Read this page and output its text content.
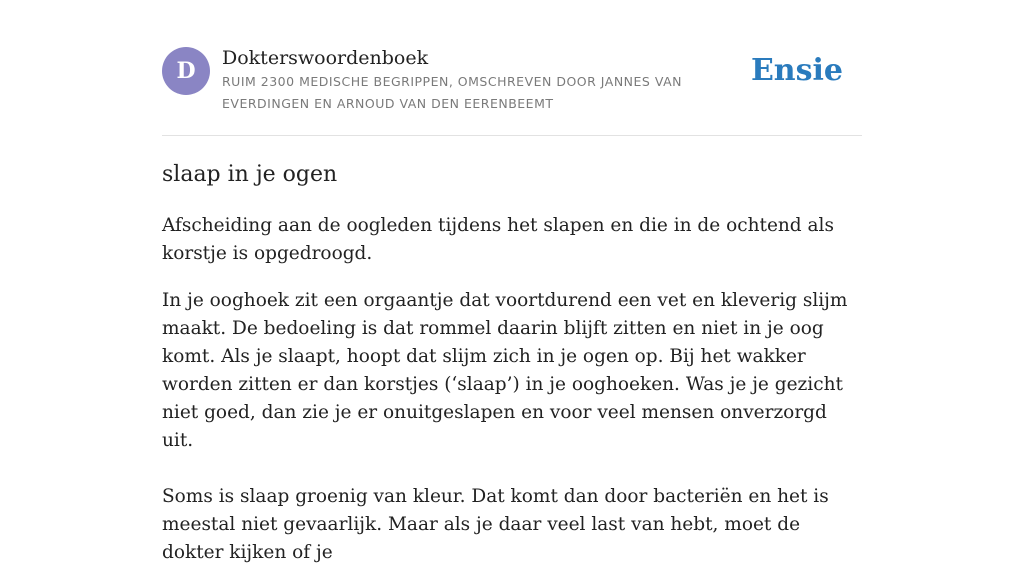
D	Dokterswoordenboek
RUIM 2300 MEDISCHE BEGRIPPEN, OMSCHREVEN DOOR JANNES VAN EVERDINGEN EN ARNOUD VAN DEN EERENBEEMT
Ensie
slaap in je ogen

Afscheiding aan de oogleden tijdens het slapen en die in de ochtend als korstje is opgedroogd.

In je ooghoek zit een orgaantje dat voortdurend een vet en kleverig slijm maakt. De bedoeling is dat rommel daarin blijft zitten en niet in je oog komt. Als je slaapt, hoopt dat slijm zich in je ogen op. Bij het wakker worden zitten er dan korstjes (‘slaap’) in je ooghoeken. Was je je gezicht niet goed, dan zie je er onuitgeslapen en voor veel mensen onverzorgd uit.

Soms is slaap groenig van kleur. Dat komt dan door bacteriën en het is meestal niet gevaarlijk. Maar als je daar veel last van hebt, moet de dokter kijken of je
